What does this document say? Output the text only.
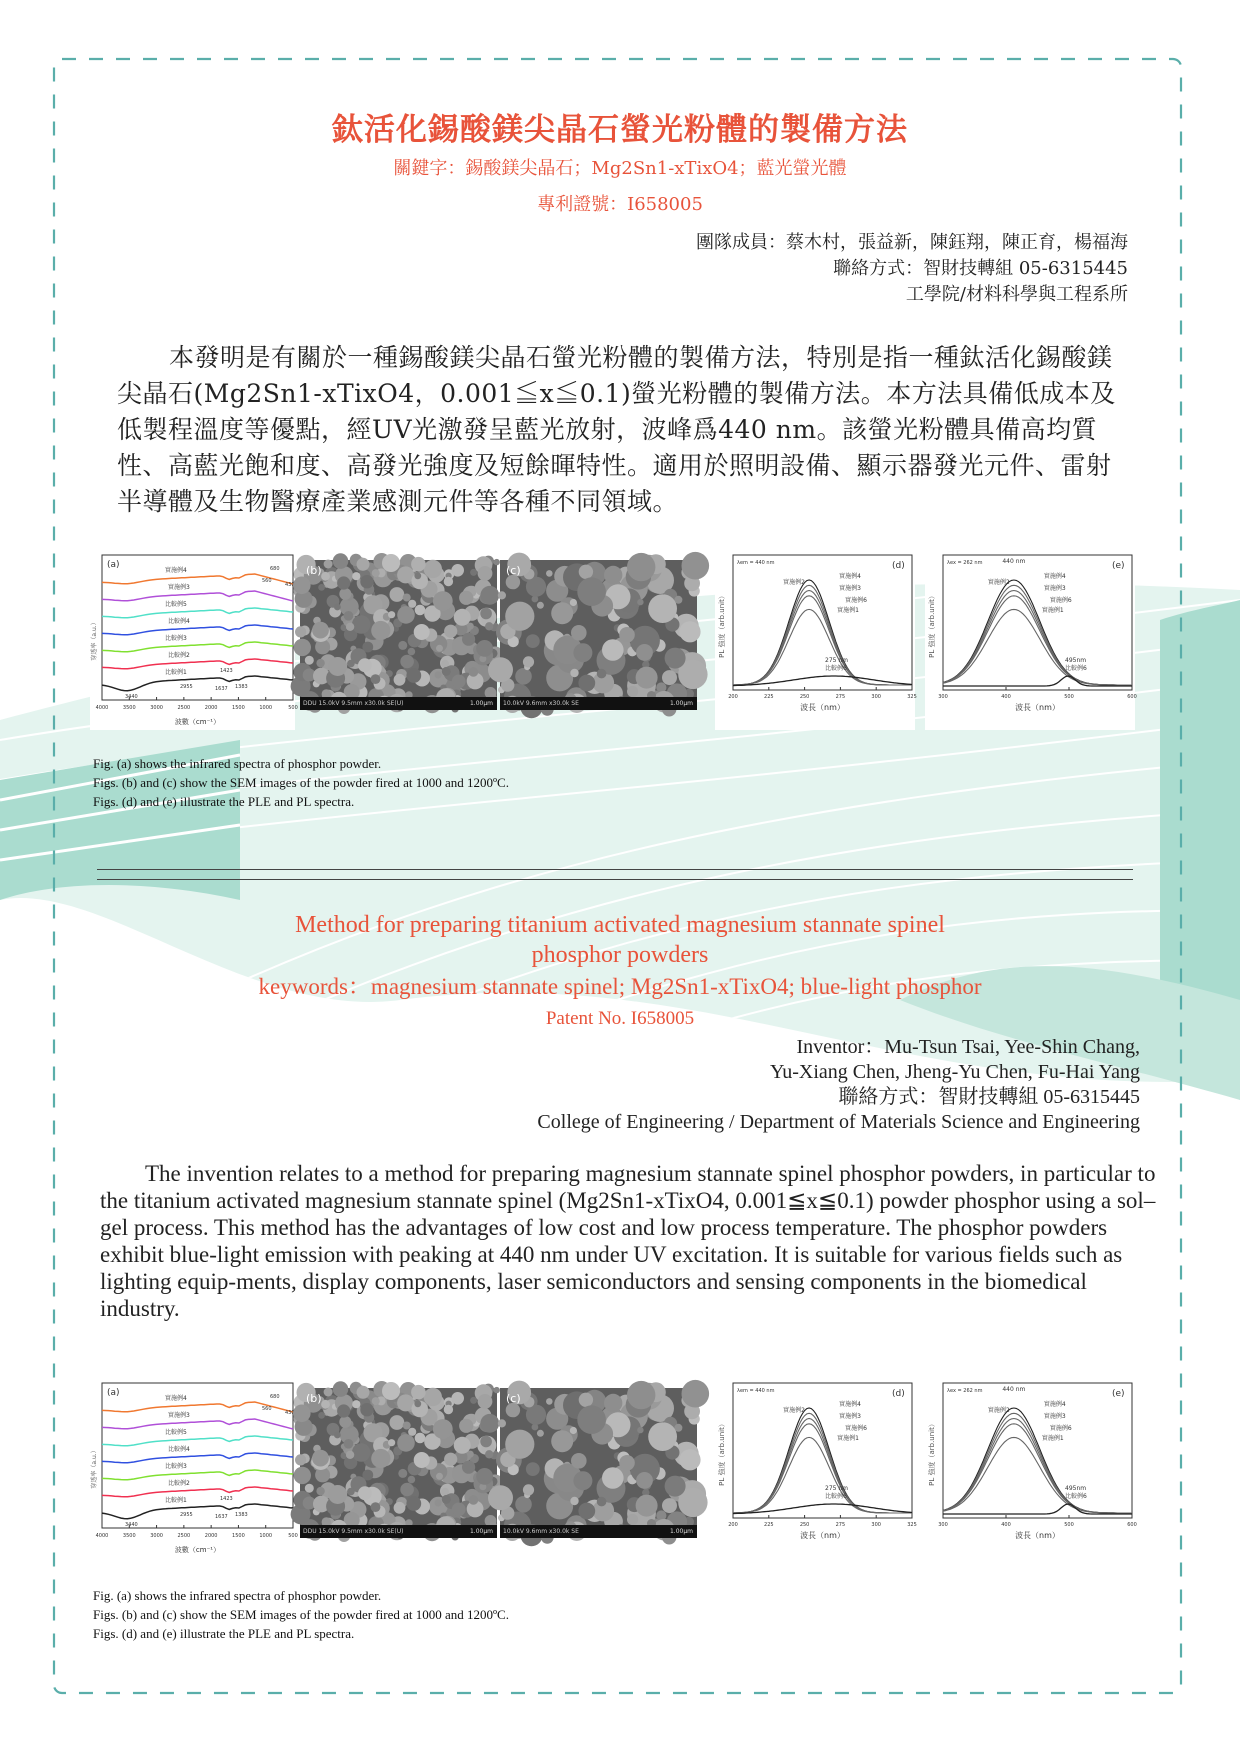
鈦活化錫酸鎂尖晶石螢光粉體的製備方法
關鍵字：錫酸鎂尖晶石；Mg2Sn1-xTixO4；藍光螢光體
專利證號：I658005
團隊成員：蔡木村，張益新，陳鈺翔，陳正育，楊福海
聯絡方式：智財技轉組 05-6315445
工學院/材料科學與工程系所
本發明是有關於一種錫酸鎂尖晶石螢光粉體的製備方法，特別是指一種鈦活化錫酸鎂尖晶石(Mg2Sn1-xTixO4，0.001≦x≦0.1)螢光粉體的製備方法。本方法具備低成本及低製程溫度等優點，經UV光激發呈藍光放射，波峰爲440 nm。該螢光粉體具備高均質性、高藍光飽和度、高發光強度及短餘暉特性。適用於照明設備、顯示器發光元件、雷射半導體及生物醫療產業感測元件等各種不同領域。
(a)
穿透率（a.u.）
實施例4
實施例3
比較例5
比較例4
比較例3
比較例2
比較例1
680
560
430
1423
2955	1637 1383
3440
4000	3500	3000	2500	2000	1500	1000	500
波數（cm⁻¹）
(b)
DDU 15.0kV 9.5mm x30.0k SE(U)	1.00μm
(c)
10.0kV 9.6mm x30.0k SE	1.00μm
λem = 440 nm	(d)
PL 強度（arb.unit）
實施例4
實施例2
實施例3
實施例6
實施例1
275 nm
比較例6
200	225	250	275	300	325
波長（nm）
λex = 262 nm	(e)
PL 強度（arb.unit）
實施例4
實施例2
實施例3
實施例6
實施例1
440 nm
495nm
比較例6
300	400	500	600
波長（nm）
Fig. (a) shows the infrared spectra of phosphor powder.
Figs. (b) and (c) show the SEM images of the powder fired at 1000 and 1200ºC.
Figs. (d) and (e) illustrate the PLE and PL spectra.
Method for preparing titanium activated magnesium stannate spinel
phosphor powders
keywords：magnesium stannate spinel; Mg2Sn1-xTixO4; blue-light phosphor
Patent No. I658005
Inventor：Mu-Tsun Tsai, Yee-Shin Chang,
Yu-Xiang Chen, Jheng-Yu Chen, Fu-Hai Yang
聯絡方式：智財技轉組 05-6315445
College of Engineering / Department of Materials Science and Engineering
The invention relates to a method for preparing magnesium stannate spinel phosphor powders, in particular to the titanium activated magnesium stannate spinel (Mg2Sn1-xTixO4, 0.001≦x≦0.1) powder phosphor using a sol–gel process. This method has the advantages of low cost and low process temperature. The phosphor powders exhibit blue-light emission with peaking at 440 nm under UV excitation. It is suitable for various fields such as lighting equip-ments, display components, laser semiconductors and sensing components in the biomedical industry.
(a)
穿透率（a.u.）
實施例4
實施例3
比較例5
比較例4
比較例3
比較例2
比較例1
680
560
430
1423
2955	1637 1383
3440
4000	3500	3000	2500	2000	1500	1000	500
波數（cm⁻¹）
(b)
DDU 15.0kV 9.5mm x30.0k SE(U)	1.00μm
(c)
10.0kV 9.6mm x30.0k SE	1.00μm
λem = 440 nm	(d)
PL 強度（arb.unit）
實施例4
實施例2
實施例3
實施例6
實施例1
275 nm
比較例6
200	225	250	275	300	325
波長（nm）
λex = 262 nm	(e)
PL 強度（arb.unit）
實施例4
實施例2
實施例3
實施例6
實施例1
440 nm
495nm
比較例6
300	400	500	600
波長（nm）
Fig. (a) shows the infrared spectra of phosphor powder.
Figs. (b) and (c) show the SEM images of the powder fired at 1000 and 1200ºC.
Figs. (d) and (e) illustrate the PLE and PL spectra.
